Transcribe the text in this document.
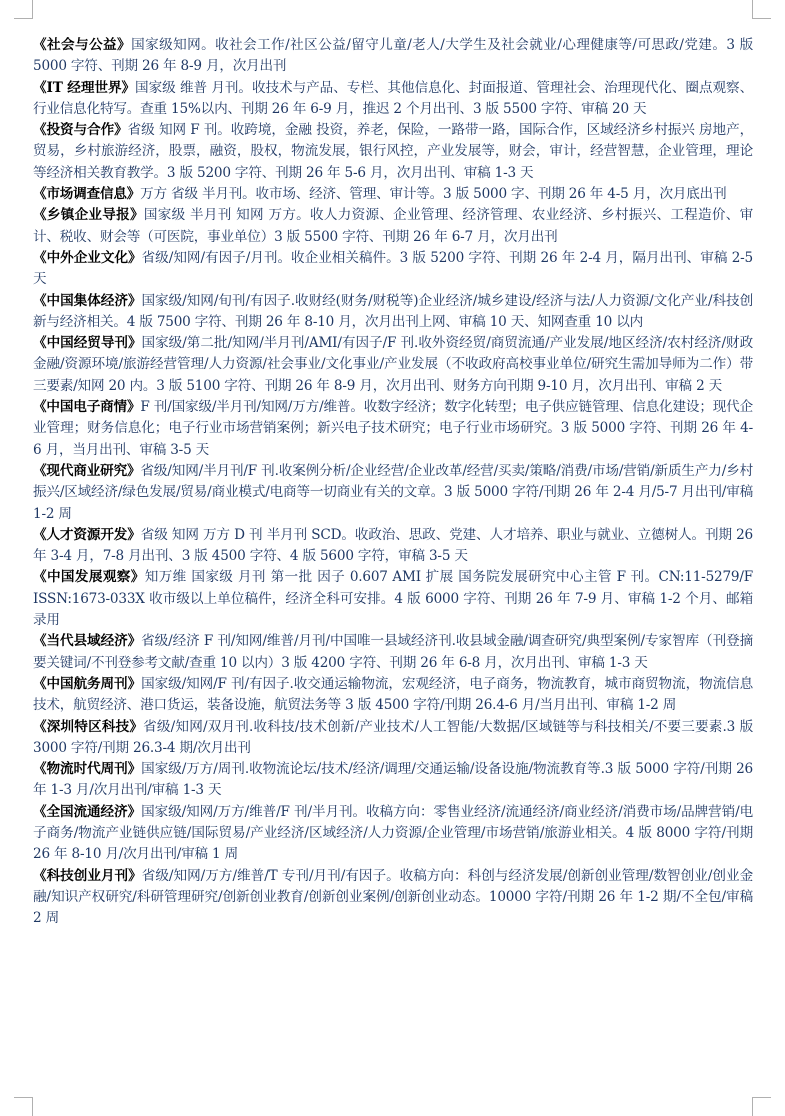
《社会与公益》国家级知网。收社会工作/社区公益/留守儿童/老人/大学生及社会就业/心理健康等/可思政/党建。3 版 5000 字符、刊期 26 年 8-9 月，次月出刊

《IT 经理世界》国家级 维普 月刊。收技术与产品、专栏、其他信息化、封面报道、管理社会、治理现代化、圈点观察、行业信息化特写。查重 15%以内、刊期 26 年 6-9 月，推迟 2 个月出刊、3 版 5500 字符、审稿 20 天

《投资与合作》省级 知网 F 刊。收跨境，金融 投资，养老，保险，一路带一路，国际合作，区域经济乡村振兴 房地产，贸易，乡村旅游经济，股票，融资，股权，物流发展，银行风控，产业发展等，财会，审计，经营智慧，企业管理，理论等经济相关教育教学。3 版 5200 字符、刊期 26 年 5-6 月，次月出刊、审稿 1-3 天

《市场调查信息》万方 省级 半月刊。收市场、经济、管理、审计等。3 版 5000 字、刊期 26 年 4-5 月，次月底出刊

《乡镇企业导报》国家级 半月刊 知网 万方。收人力资源、企业管理、经济管理、农业经济、乡村振兴、工程造价、审计、税收、财会等（可医院，事业单位）3 版 5500 字符、刊期 26 年 6-7 月，次月出刊

《中外企业文化》省级/知网/有因子/月刊。收企业相关稿件。3 版 5200 字符、刊期 26 年 2-4 月，隔月出刊、审稿 2-5 天

《中国集体经济》国家级/知网/旬刊/有因子.收财经(财务/财税等)企业经济/城乡建设/经济与法/人力资源/文化产业/科技创新与经济相关。4 版 7500 字符、刊期 26 年 8-10 月，次月出刊上网、审稿 10 天、知网查重 10 以内

《中国经贸导刊》国家级/第二批/知网/半月刊/AMI/有因子/F 刊.收外资经贸/商贸流通/产业发展/地区经济/农村经济/财政金融/资源环境/旅游经营管理/人力资源/社会事业/文化事业/产业发展（不收政府高校事业单位/研究生需加导师为二作）带三要素/知网 20 内。3 版 5100 字符、刊期 26 年 8-9 月，次月出刊、财务方向刊期 9-10 月，次月出刊、审稿 2 天

《中国电子商情》F 刊/国家级/半月刊/知网/万方/维普。收数字经济；数字化转型；电子供应链管理、信息化建设；现代企业管理；财务信息化；电子行业市场营销案例；新兴电子技术研究；电子行业市场研究。3 版 5000 字符、刊期 26 年 4-6 月，当月出刊、审稿 3-5 天

《现代商业研究》省级/知网/半月刊/F 刊.收案例分析/企业经营/企业改革/经营/买卖/策略/消费/市场/营销/新质生产力/乡村振兴/区域经济/绿色发展/贸易/商业模式/电商等一切商业有关的文章。3 版 5000 字符/刊期 26 年 2-4 月/5-7 月出刊/审稿 1-2 周

《人才资源开发》省级 知网 万方 D 刊 半月刊 SCD。收政治、思政、党建、人才培养、职业与就业、立德树人。刊期 26 年 3-4 月，7-8 月出刊、3 版 4500 字符、4 版 5600 字符，审稿 3-5 天

《中国发展观察》知万维 国家级 月刊 第一批 因子 0.607 AMI 扩展 国务院发展研究中心主管 F 刊。CN:11-5279/F ISSN:1673-033X 收市级以上单位稿件，经济全科可安排。4 版 6000 字符、刊期 26 年 7-9 月、审稿 1-2 个月、邮箱录用

《当代县域经济》省级/经济 F 刊/知网/维普/月刊/中国唯一县域经济刊.收县域金融/调查研究/典型案例/专家智库（刊登摘要关键词/不刊登参考文献/查重 10 以内）3 版 4200 字符、刊期 26 年 6-8 月，次月出刊、审稿 1-3 天

《中国航务周刊》国家级/知网/F 刊/有因子.收交通运输物流，宏观经济，电子商务，物流教育，城市商贸物流，物流信息技术，航贸经济、港口货运，装备设施，航贸法务等 3 版 4500 字符/刊期 26.4-6 月/当月出刊、审稿 1-2 周

《深圳特区科技》省级/知网/双月刊.收科技/技术创新/产业技术/人工智能/大数据/区域链等与科技相关/不要三要素.3 版 3000 字符/刊期 26.3-4 期/次月出刊

《物流时代周刊》国家级/万方/周刊.收物流论坛/技术/经济/调理/交通运输/设备设施/物流教育等.3 版 5000 字符/刊期 26 年 1-3 月/次月出刊/审稿 1-3 天

《全国流通经济》国家级/知网/万方/维普/F 刊/半月刊。收稿方向：零售业经济/流通经济/商业经济/消费市场/品牌营销/电子商务/物流产业链供应链/国际贸易/产业经济/区域经济/人力资源/企业管理/市场营销/旅游业相关。4 版 8000 字符/刊期 26 年 8-10 月/次月出刊/审稿 1 周

《科技创业月刊》省级/知网/万方/维普/T 专刊/月刊/有因子。收稿方向：科创与经济发展/创新创业管理/数智创业/创业金融/知识产权研究/科研管理研究/创新创业教育/创新创业案例/创新创业动态。10000 字符/刊期 26 年 1-2 期/不全包/审稿 2 周
